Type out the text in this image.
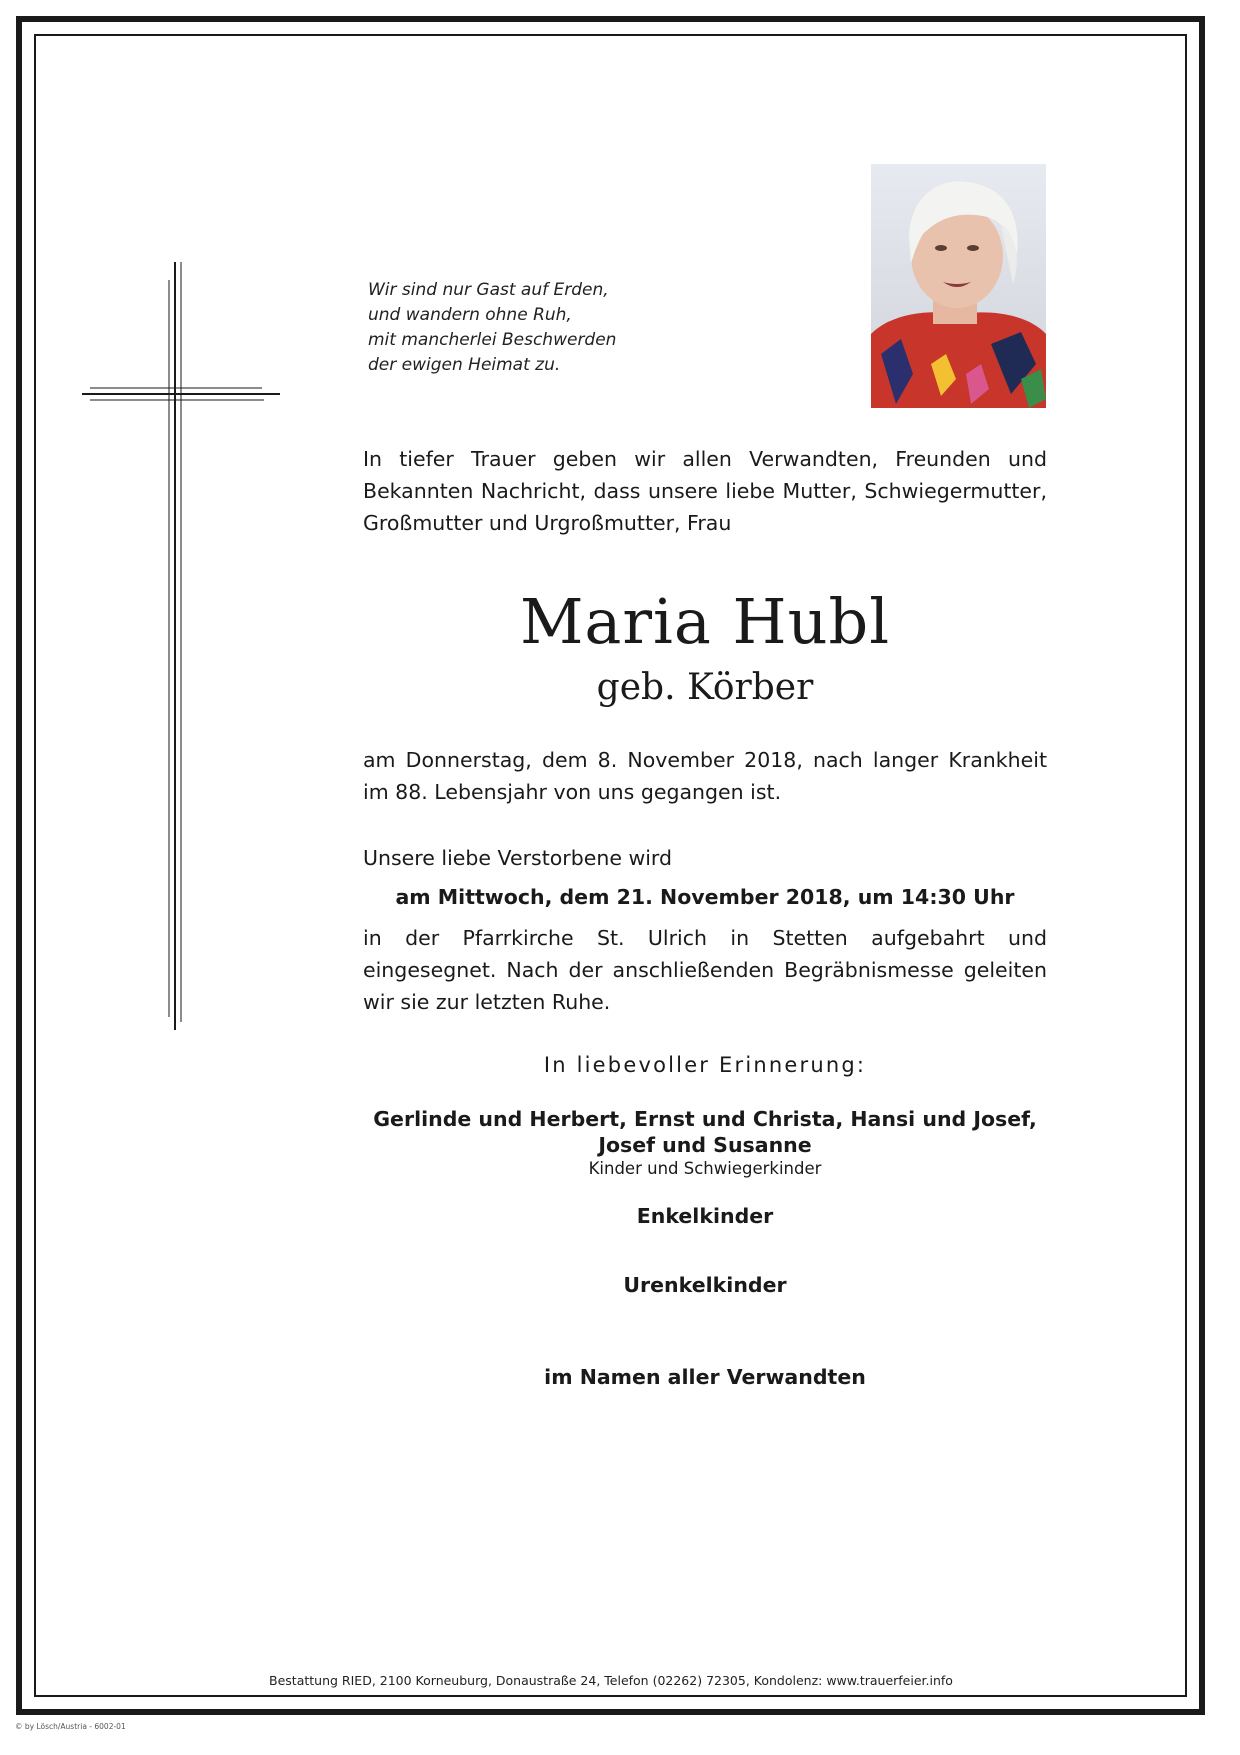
Wir sind nur Gast auf Erden,
und wandern ohne Ruh,
mit mancherlei Beschwerden
der ewigen Heimat zu.
In tiefer Trauer geben wir allen Verwandten, Freunden und Bekannten Nachricht, dass unsere liebe Mutter, Schwiegermutter, Großmutter und Urgroßmutter, Frau
Maria Hubl
geb. Körber
am Donnerstag, dem 8. November 2018, nach langer Krankheit im 88. Lebensjahr von uns gegangen ist.
Unsere liebe Verstorbene wird
am Mittwoch, dem 21. November 2018, um 14:30 Uhr
in der Pfarrkirche St. Ulrich in Stetten aufgebahrt und eingesegnet. Nach der anschließenden Begräbnismesse geleiten wir sie zur letzten Ruhe.
In liebevoller Erinnerung:
Gerlinde und Herbert, Ernst und Christa, Hansi und Josef,
Josef und Susanne
Kinder und Schwiegerkinder
Enkelkinder
Urenkelkinder
im Namen aller Verwandten
Bestattung RIED, 2100 Korneuburg, Donaustraße 24, Telefon (02262) 72305, Kondolenz: www.trauerfeier.info
© by Lösch/Austria - 6002-01
